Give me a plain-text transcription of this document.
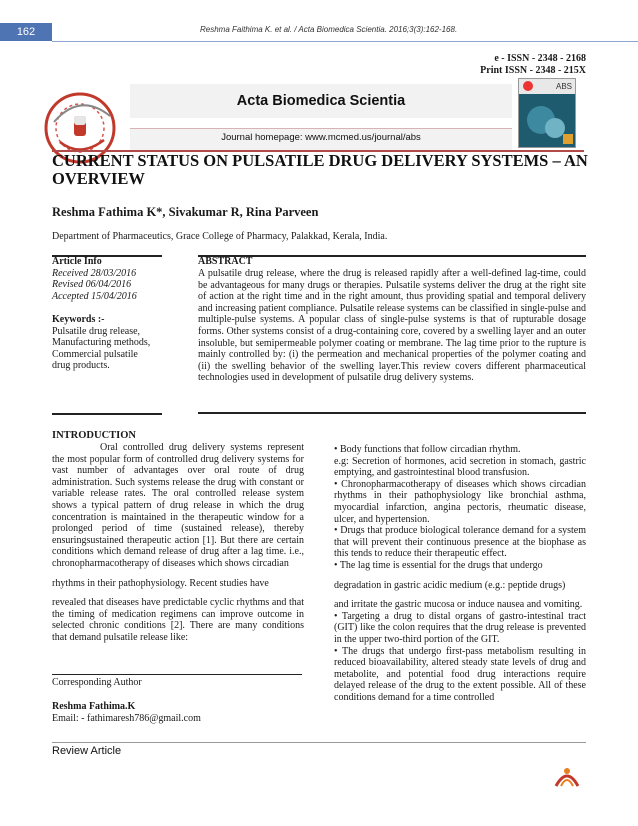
162	Reshma Faithima K. et al. / Acta Biomedica Scientia. 2016;3(3):162-168.
e - ISSN - 2348 - 2168
Print ISSN - 2348 - 215X
Acta Biomedica Scientia
Journal homepage: www.mcmed.us/journal/abs
ABS
CURRENT STATUS ON PULSATILE DRUG DELIVERY SYSTEMS – AN OVERVIEW
Reshma Fathima K*, Sivakumar R, Rina Parveen
Department of Pharmaceutics, Grace College of Pharmacy, Palakkad, Kerala, India.
Article Info
Received 28/03/2016
Revised 06/04/2016
Accepted 15/04/2016
Keywords :-
Pulsatile drug release,
Manufacturing methods,
Commercial pulsatile
drug products.
ABSTRACT
A pulsatile drug release, where the drug is released rapidly after a well-defined lag-time, could be advantageous for many drugs or therapies. Pulsatile systems deliver the drug at the right site of action at the right time and in the right amount, thus providing spatial and temporal delivery and increasing patient compliance. Pulsatile release systems can be classified in single-pulse and multiple-pulse systems. A popular class of single-pulse systems is that of rupturable dosage forms. Other systems consist of a drug-containing core, covered by a swelling layer and an outer insoluble, but semipermeable polymer coating or membrane. The lag time prior to the rupture is mainly controlled by: (i) the permeation and mechanical properties of the polymer coating and (ii) the swelling behavior of the swelling layer.This review covers different pharmaceutical technologies used in development of pulsatile drug delivery systems.
INTRODUCTION

Oral controlled drug delivery systems represent the most popular form of controlled drug delivery systems for vast number of advantages over oral route of drug administration. Such systems release the drug with constant or variable release rates. The oral controlled release system shows a typical pattern of drug release in which the drug concentration is maintained in the therapeutic window for a prolonged period of time (sustained release), thereby ensuringsustained therapeutic action [1]. But there are certain conditions which demand release of drug after a lag time. i.e., chronopharmacotherapy of diseases which shows circadian

rhythms in their pathophysiology. Recent studies have

revealed that diseases have predictable cyclic rhythms and that the timing of medication regimens can improve outcome in selected chronic conditions [2]. There are many conditions that demand pulsatile release like:

Corresponding Author
Reshma Fathima.K
Email: - fathimaresh786@gmail.com

• Body functions that follow circadian rhythm.

e.g: Secretion of hormones, acid secretion in stomach, gastric emptying, and gastrointestinal blood transfusion.

• Chronopharmacotherapy of diseases which shows circadian rhythms in their pathophysiology like bronchial asthma, myocardial infarction, angina pectoris, rheumatic disease, ulcer, and hypertension.

• Drugs that produce biological tolerance demand for a system that will prevent their continuous presence at the biophase as this tends to reduce their therapeutic effect.

• The lag time is essential for the drugs that undergo

degradation in gastric acidic medium (e.g.: peptide drugs)

and irritate the gastric mucosa or induce nausea and vomiting.

• Targeting a drug to distal organs of gastro-intestinal tract (GIT) like the colon requires that the drug release is prevented in the upper two-third portion of the GIT.

• The drugs that undergo first-pass metabolism resulting in reduced bioavailability, altered steady state levels of drug and metabolite, and potential food drug interactions require delayed release of the drug to the extent possible. All of these conditions demand for a time controlled

Review Article
